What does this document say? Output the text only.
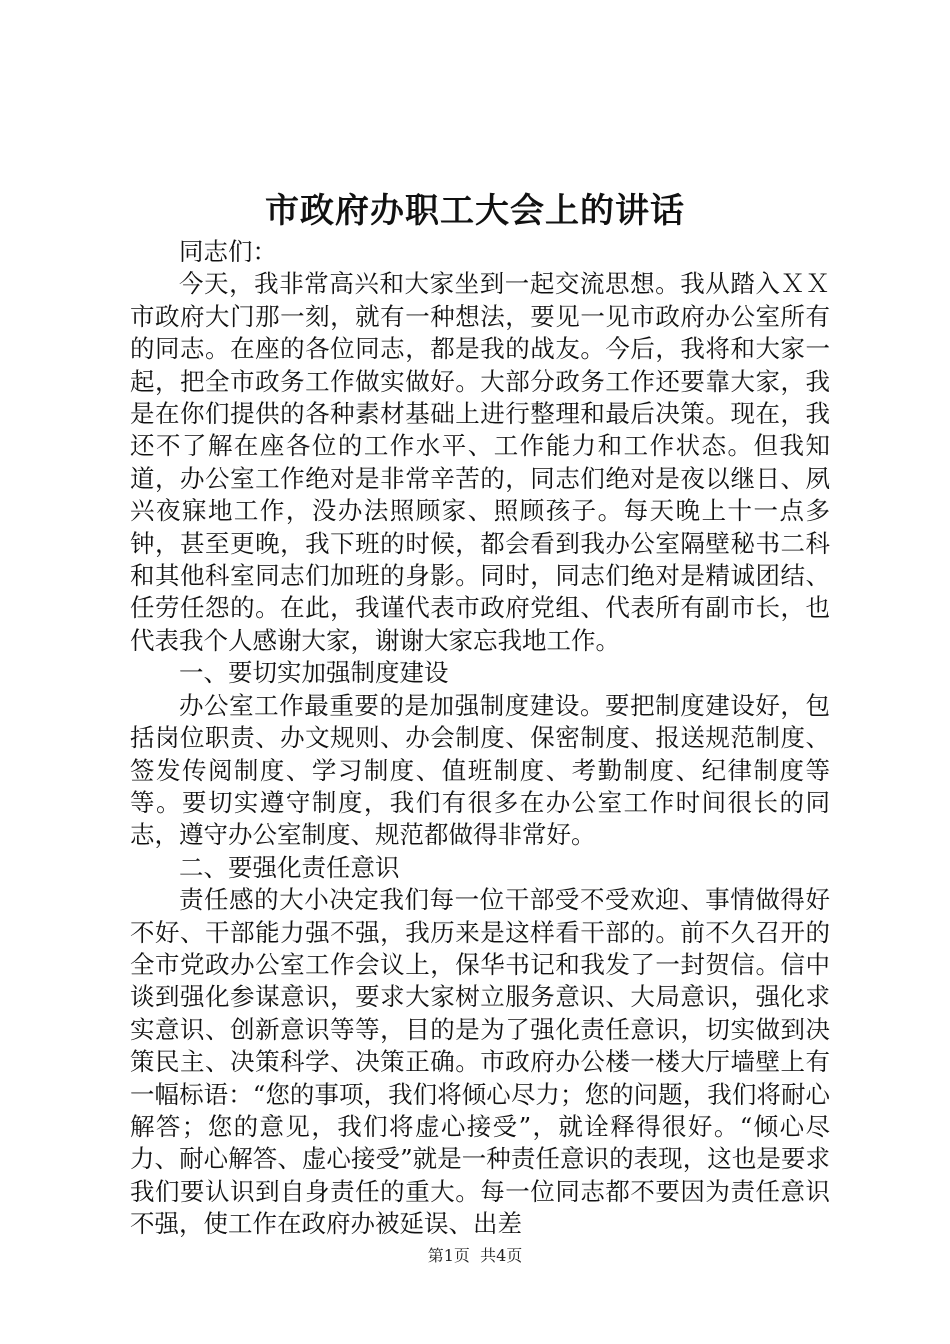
市政府办职工大会上的讲话

同志们：

今天，我非常高兴和大家坐到一起交流思想。我从踏入ＸＸ市政府大门那一刻，就有一种想法，要见一见市政府办公室所有的同志。在座的各位同志，都是我的战友。今后，我将和大家一起，把全市政务工作做实做好。大部分政务工作还要靠大家，我是在你们提供的各种素材基础上进行整理和最后决策。现在，我还不了解在座各位的工作水平、工作能力和工作状态。但我知道，办公室工作绝对是非常辛苦的，同志们绝对是夜以继日、夙兴夜寐地工作，没办法照顾家、照顾孩子。每天晚上十一点多钟，甚至更晚，我下班的时候，都会看到我办公室隔壁秘书二科和其他科室同志们加班的身影。同时，同志们绝对是精诚团结、任劳任怨的。在此，我谨代表市政府党组、代表所有副市长，也代表我个人感谢大家，谢谢大家忘我地工作。

一、要切实加强制度建设

办公室工作最重要的是加强制度建设。要把制度建设好，包括岗位职责、办文规则、办会制度、保密制度、报送规范制度、签发传阅制度、学习制度、值班制度、考勤制度、纪律制度等等。要切实遵守制度，我们有很多在办公室工作时间很长的同志，遵守办公室制度、规范都做得非常好。

二、要强化责任意识

责任感的大小决定我们每一位干部受不受欢迎、事情做得好不好、干部能力强不强，我历来是这样看干部的。前不久召开的全市党政办公室工作会议上，保华书记和我发了一封贺信。信中谈到强化参谋意识，要求大家树立服务意识、大局意识，强化求实意识、创新意识等等，目的是为了强化责任意识，切实做到决策民主、决策科学、决策正确。市政府办公楼一楼大厅墙壁上有一幅标语：“您的事项，我们将倾心尽力；您的问题，我们将耐心解答；您的意见，我们将虚心接受”，就诠释得很好。“倾心尽力、耐心解答、虚心接受”就是一种责任意识的表现，这也是要求我们要认识到自身责任的重大。每一位同志都不要因为责任意识不强，使工作在政府办被延误、出差

第1页 共4页
